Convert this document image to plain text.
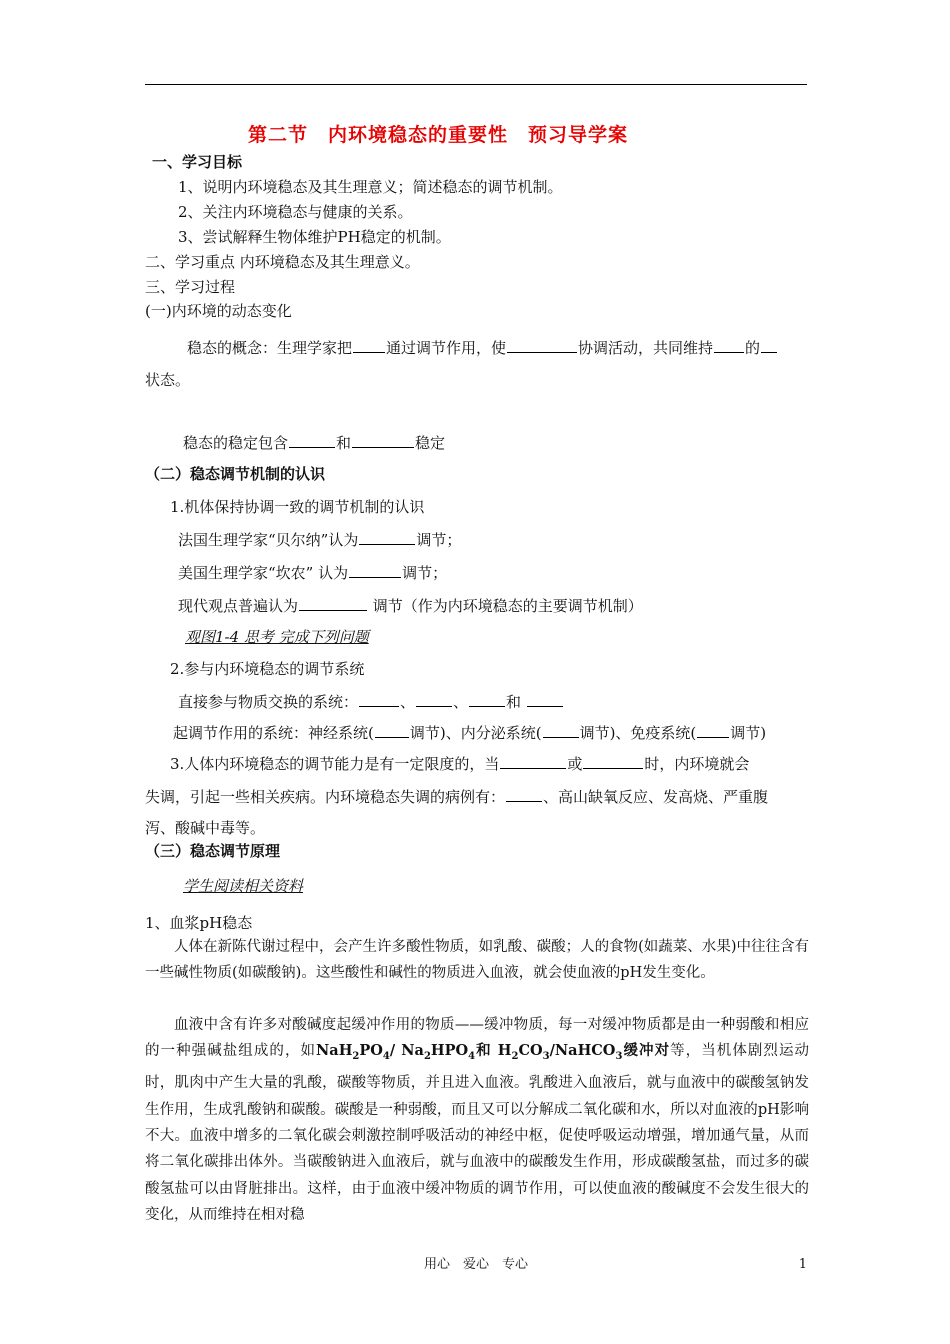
第二节　内环境稳态的重要性　预习导学案
一、学习目标
1、说明内环境稳态及其生理意义；简述稳态的调节机制。
2、关注内环境稳态与健康的关系。
3、尝试解释生物体维护PH稳定的机制。
二、学习重点 内环境稳态及其生理意义。
三、学习过程
(一)内环境的动态变化
稳态的概念：生理学家把 通过调节作用，使	协调活动，共同维持 的
状态。
稳态的稳定包含	和	稳定
（二）稳态调节机制的认识
1.机体保持协调一致的调节机制的认识
法国生理学家“贝尔纳”认为	调节；
美国生理学家“坎农” 认为	调节；
现代观点普遍认为	调节（作为内环境稳态的主要调节机制）
观图1-4 思考 完成下列问题
2.参与内环境稳态的调节系统
直接参与物质交换的系统：	、	、	和
起调节作用的系统：神经系统( 调节)、内分泌系统(	调节)、免疫系统( 调节)
3.人体内环境稳态的调节能力是有一定限度的，当	或	时，内环境就会
失调，引起一些相关疾病。内环境稳态失调的病例有：	、高山缺氧反应、发高烧、严重腹
泻、酸碱中毒等。
（三）稳态调节原理
学生阅读相关资料
1、血浆pH稳态

人体在新陈代谢过程中，会产生许多酸性物质，如乳酸、碳酸；人的食物(如蔬菜、水果)中往往含有一些碱性物质(如碳酸钠)。这些酸性和碱性的物质进入血液，就会使血液的pH发生变化。

血液中含有许多对酸碱度起缓冲作用的物质——缓冲物质，每一对缓冲物质都是由一种弱酸和相应的一种强碱盐组成的，如$NaH_2PO_4/$ $Na_2HPO_4$和 $H_2CO_3/NaHCO_3$缓冲对等，当机体剧烈运动时，肌肉中产生大量的乳酸，碳酸等物质，并且进入血液。乳酸进入血液后，就与血液中的碳酸氢钠发生作用，生成乳酸钠和碳酸。碳酸是一种弱酸，而且又可以分解成二氧化碳和水，所以对血液的pH影响不大。血液中增多的二氧化碳会刺激控制呼吸活动的神经中枢，促使呼吸运动增强，增加通气量，从而将二氧化碳排出体外。当碳酸钠进入血液后，就与血液中的碳酸发生作用，形成碳酸氢盐，而过多的碳酸氢盐可以由肾脏排出。这样，由于血液中缓冲物质的调节作用，可以使血液的酸碱度不会发生很大的变化，从而维持在相对稳

用心　爱心　专心	1
